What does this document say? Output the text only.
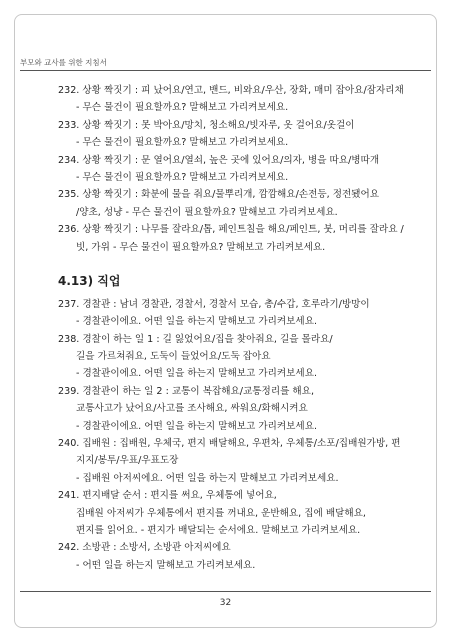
부모와 교사를 위한 지침서
232. 상황 짝짓기 : 피 났어요/연고, 밴드, 비와요/우산, 장화, 매미 잡아요/잠자리채
- 무슨 물건이 필요할까요? 말해보고 가리켜보세요.
233. 상황 짝짓기 : 못 박아요/망치, 청소해요/빗자루, 옷 걸어요/옷걸이
- 무슨 물건이 필요할까요? 말해보고 가리켜보세요.
234. 상황 짝짓기 : 문 열어요/열쇠, 높은 곳에 있어요/의자, 병을 따요/병따개
- 무슨 물건이 필요할까요? 말해보고 가리켜보세요.
235. 상황 짝짓기 : 화분에 물을 줘요/물뿌리개, 깜깜해요/손전등, 정전됐어요
/양초, 성냥 - 무슨 물건이 필요할까요? 말해보고 가리켜보세요.
236. 상황 짝짓기 : 나무를 잘라요/톱, 페인트칠을 해요/페인트, 붓, 머리를 잘라요 /
빗, 가위 - 무슨 물건이 필요할까요? 말해보고 가리켜보세요.
4.13) 직업
237. 경찰관 : 남녀 경찰관, 경찰서, 경찰서 모습, 총/수갑, 호루라기/방망이
- 경찰관이에요. 어떤 일을 하는지 말해보고 가리켜보세요.
238. 경찰이 하는 일 1 : 길 잃었어요/집을 찾아줘요, 길을 몰라요/
길을 가르쳐줘요, 도둑이 들었어요/도둑 잡아요
- 경찰관이에요. 어떤 일을 하는지 말해보고 가리켜보세요.
239. 경찰관이 하는 일 2 : 교통이 복잡해요/교통정리를 해요,
교통사고가 났어요/사고를 조사해요, 싸워요/화해시켜요
- 경찰관이에요. 어떤 일을 하는지 말해보고 가리켜보세요.
240. 집배원 : 집배원, 우체국, 편지 배달해요, 우편차, 우체통/소포/집배원가방, 편
지지/봉투/우표/우표도장
- 집배원 아저씨에요. 어떤 일을 하는지 말해보고 가리켜보세요.
241. 편지배달 순서 : 편지를 써요, 우체통에 넣어요,
집배원 아저씨가 우체통에서 편지를 꺼내요, 운반해요, 집에 배달해요,
편지를 읽어요. - 편지가 배달되는 순서에요. 말해보고 가리켜보세요.
242. 소방관 : 소방서, 소방관 아저씨에요
- 어떤 일을 하는지 말해보고 가리켜보세요.
32
